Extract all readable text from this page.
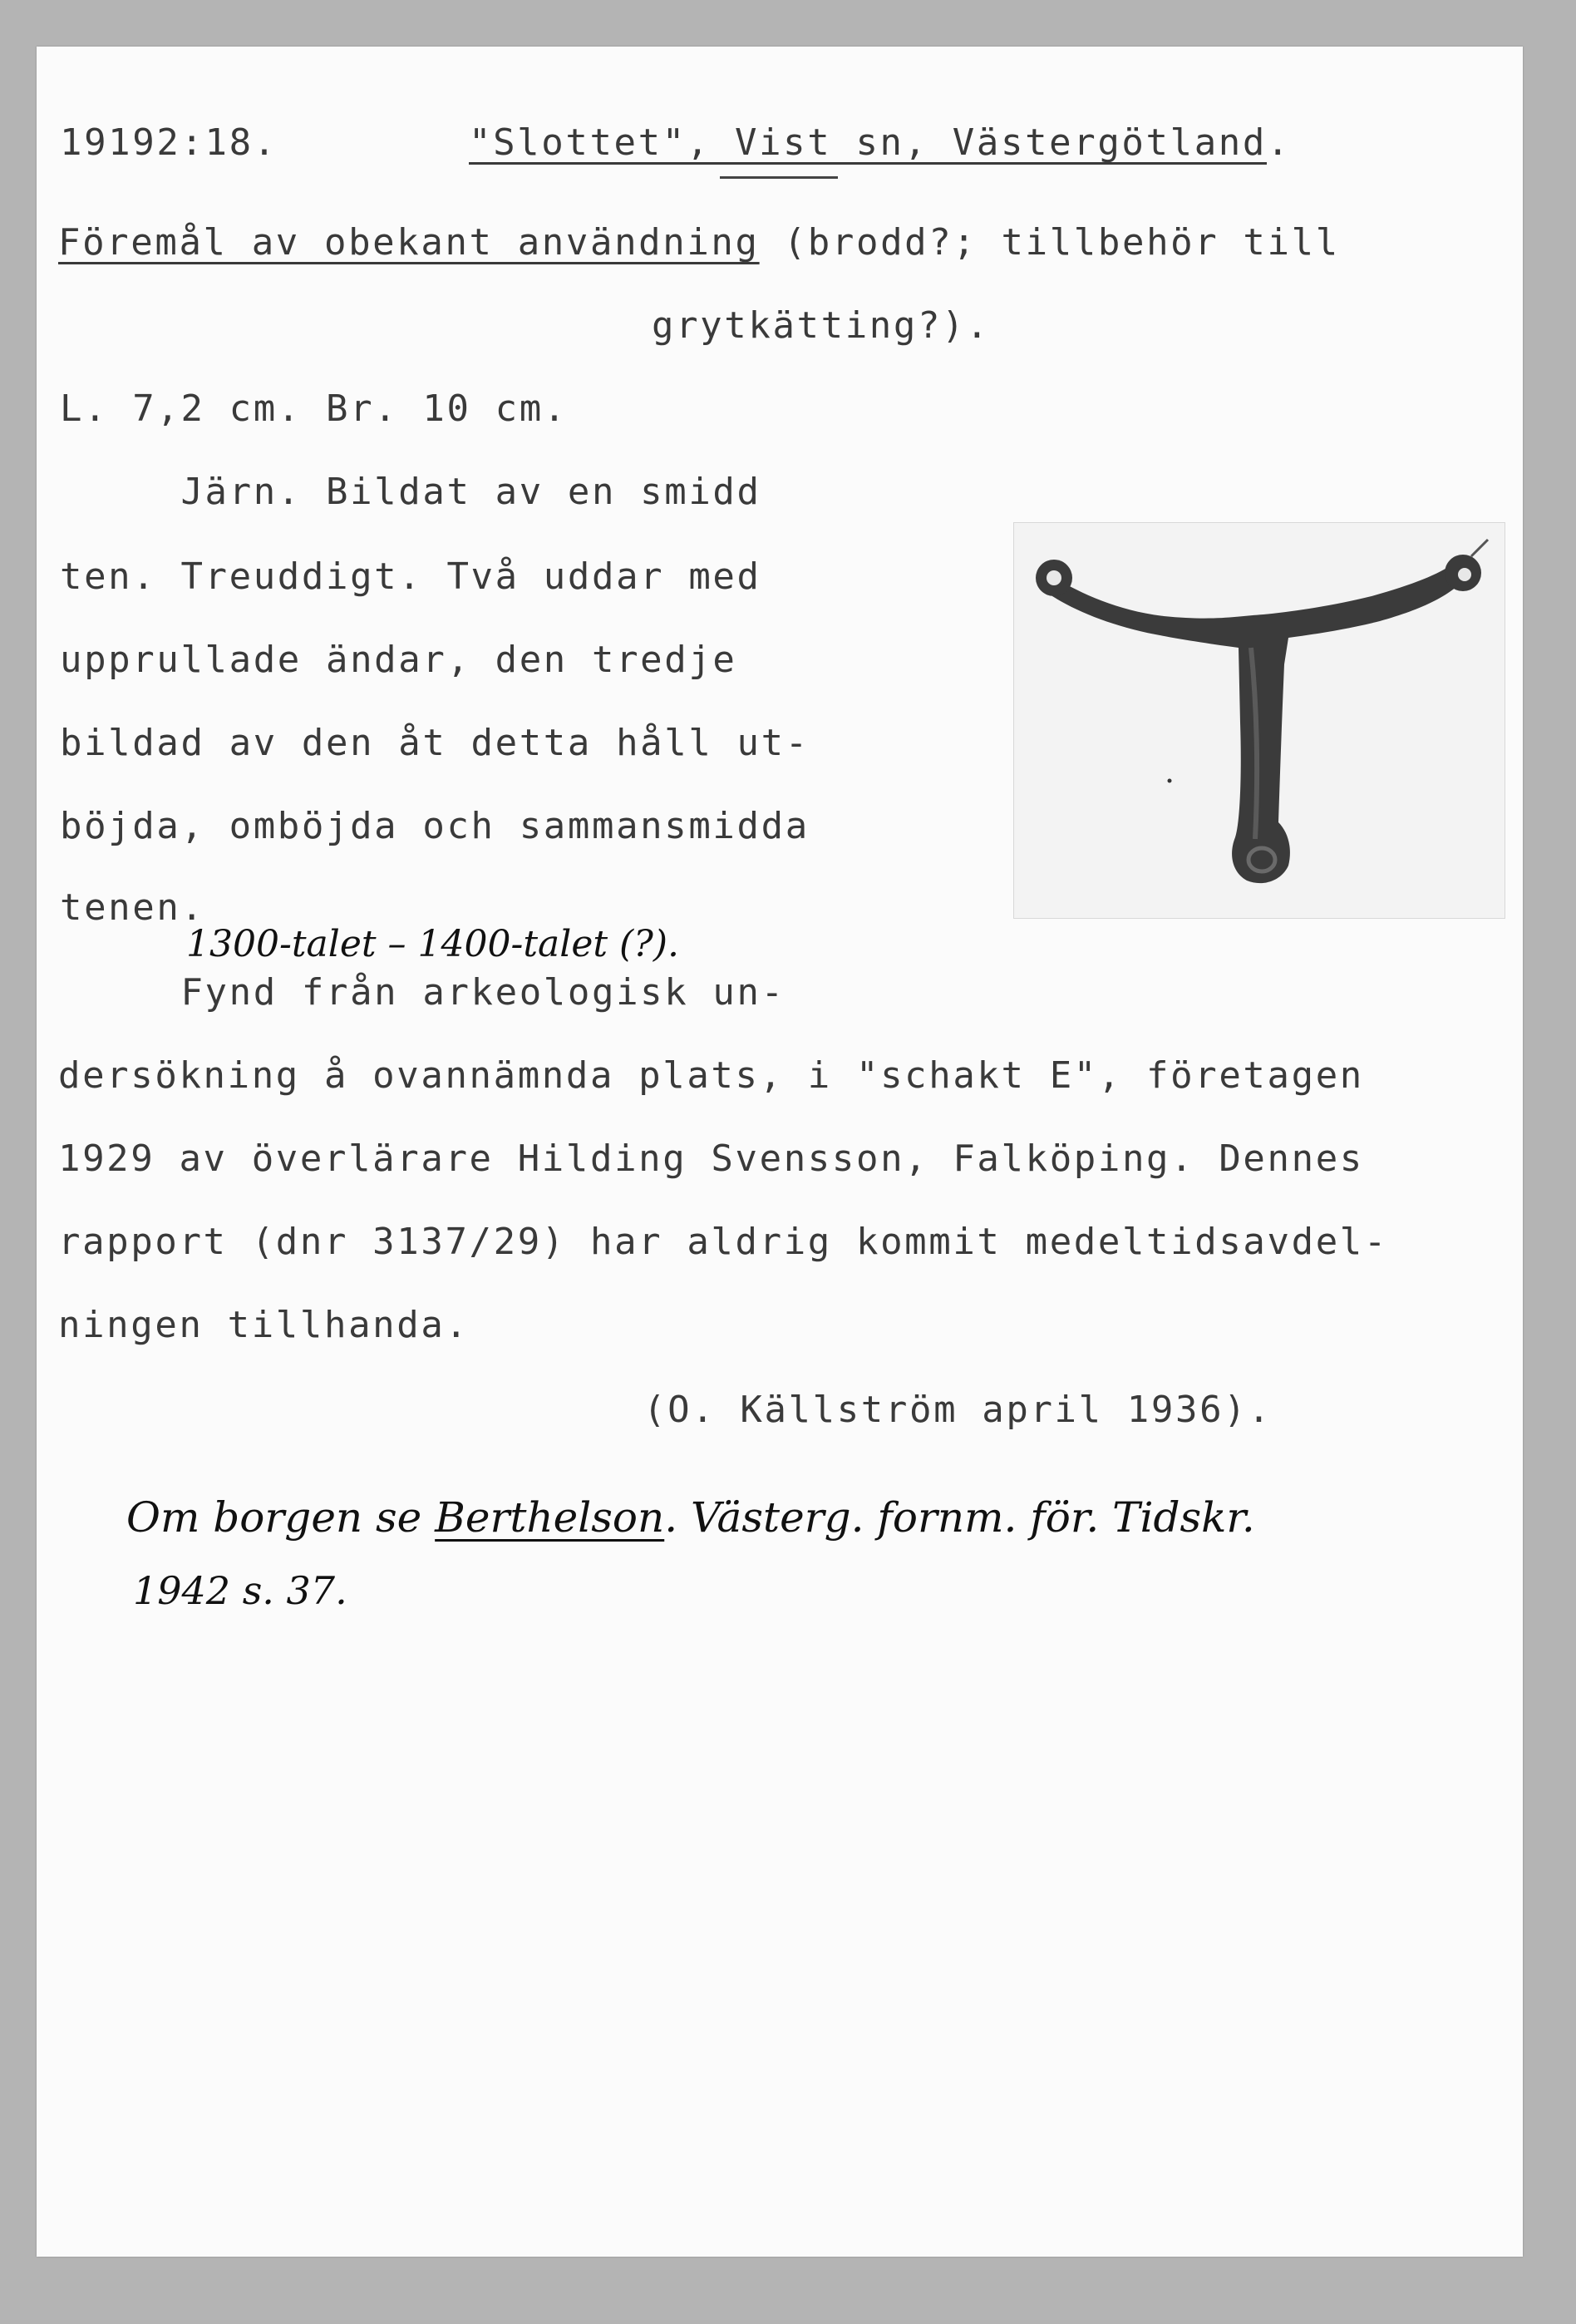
19192:18.	"Slottet", Vist sn, Västergötland.
Föremål av obekant användning (brodd?; tillbehör till
grytkätting?).
L. 7,2 cm. Br. 10 cm.
Järn. Bildat av en smidd
ten. Treuddigt. Två uddar med
upprullade ändar, den tredje
bildad av den åt detta håll ut-
böjda, omböjda och sammansmidda
tenen.
1300-talet – 1400-talet (?).
Fynd från arkeologisk un-
dersökning å ovannämnda plats, i "schakt E", företagen
1929 av överlärare Hilding Svensson, Falköping. Dennes
rapport (dnr 3137/29) har aldrig kommit medeltidsavdel-
ningen tillhanda.
(O. Källström april 1936).
Om borgen se Berthelson. Västerg. fornm. för. Tidskr.
1942 s. 37.
